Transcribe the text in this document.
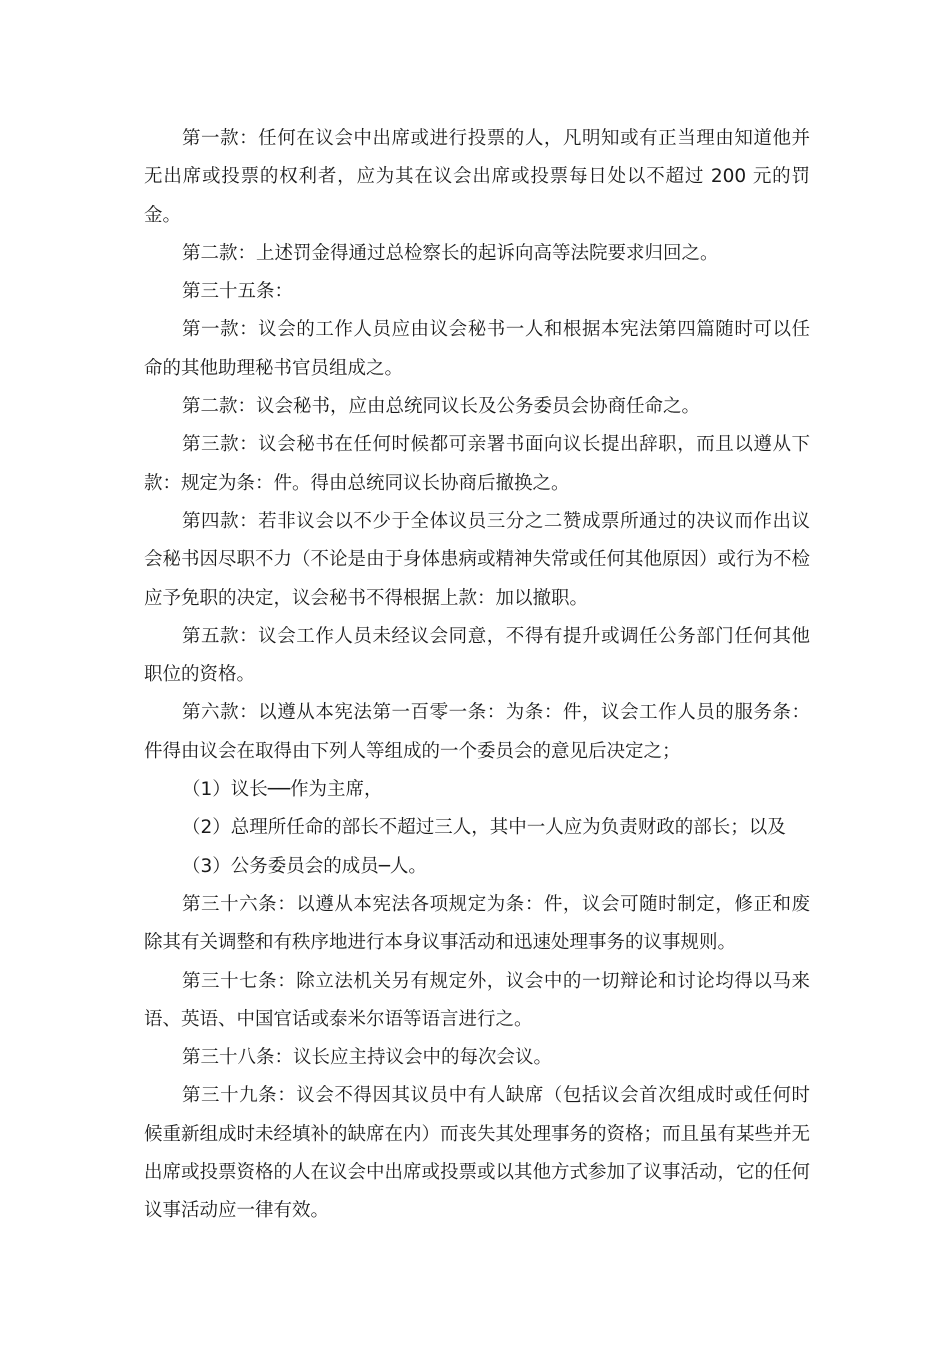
第一款：任何在议会中出席或进行投票的人，凡明知或有正当理由知道他并无出席或投票的权利者，应为其在议会出席或投票每日处以不超过 200 元的罚金。

第二款：上述罚金得通过总检察长的起诉向高等法院要求归回之。

第三十五条：

第一款：议会的工作人员应由议会秘书一人和根据本宪法第四篇随时可以任命的其他助理秘书官员组成之。

第二款：议会秘书，应由总统同议长及公务委员会协商任命之。

第三款：议会秘书在任何时候都可亲署书面向议长提出辞职，而且以遵从下款：规定为条：件。得由总统同议长协商后撤换之。

第四款：若非议会以不少于全体议员三分之二赞成票所通过的决议而作出议会秘书因尽职不力（不论是由于身体患病或精神失常或任何其他原因）或行为不检应予免职的决定，议会秘书不得根据上款：加以撤职。

第五款：议会工作人员未经议会同意，不得有提升或调任公务部门任何其他职位的资格。

第六款：以遵从本宪法第一百零一条：为条：件，议会工作人员的服务条：件得由议会在取得由下列人等组成的一个委员会的意见后决定之；

（1）议长──作为主席，

（2）总理所任命的部长不超过三人，其中一人应为负责财政的部长；以及

（3）公务委员会的成员─人。

第三十六条：以遵从本宪法各项规定为条：件，议会可随时制定，修正和废除其有关调整和有秩序地进行本身议事活动和迅速处理事务的议事规则。

第三十七条：除立法机关另有规定外，议会中的一切辩论和讨论均得以马来语、英语、中国官话或泰米尔语等语言进行之。

第三十八条：议长应主持议会中的每次会议。

第三十九条：议会不得因其议员中有人缺席（包括议会首次组成时或任何时候重新组成时未经填补的缺席在内）而丧失其处理事务的资格；而且虽有某些并无出席或投票资格的人在议会中出席或投票或以其他方式参加了议事活动，它的任何议事活动应一律有效。
